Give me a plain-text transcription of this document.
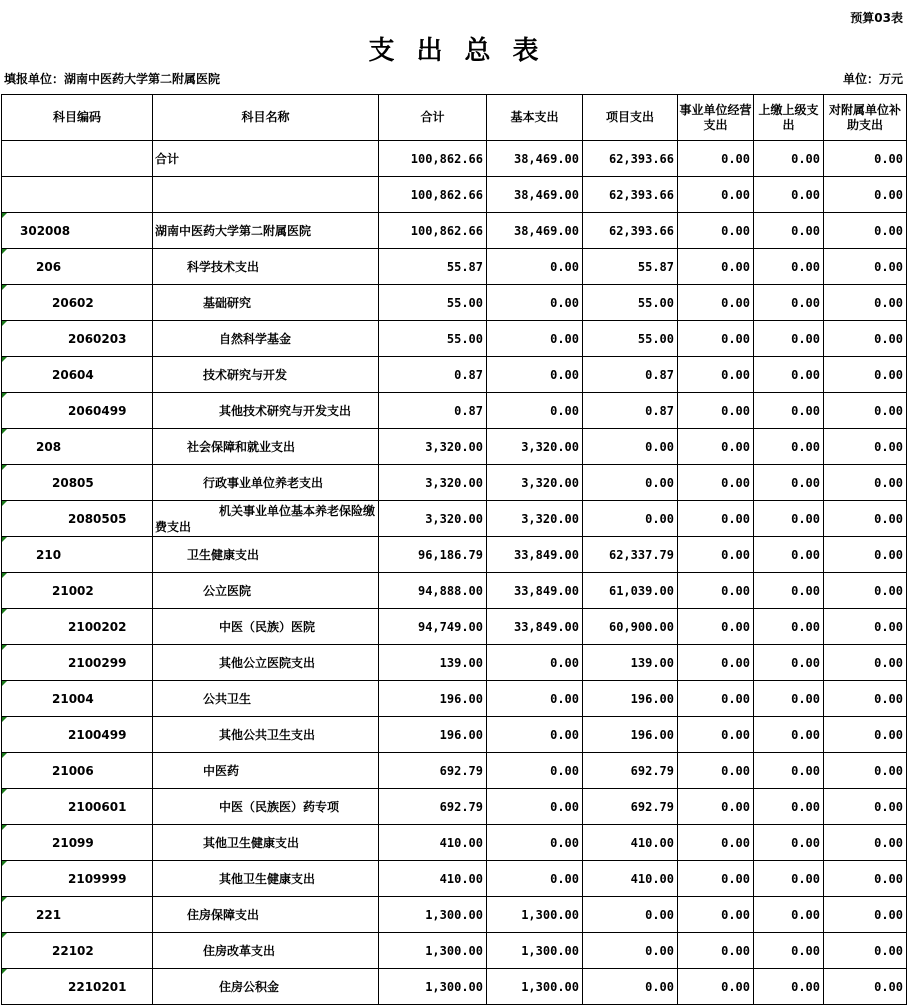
预算03表
支出总表
填报单位：湖南中医药大学第二附属医院	单位：万元
科目编码	科目名称	合计	基本支出	项目支出	事业单位经营支出	上缴上级支出	对附属单位补助支出
	合计	100,862.66	38,469.00	62,393.66	0.00	0.00	0.00
		100,862.66	38,469.00	62,393.66	0.00	0.00	0.00
302008	湖南中医药大学第二附属医院	100,862.66	38,469.00	62,393.66	0.00	0.00	0.00
206	科学技术支出	55.87	0.00	55.87	0.00	0.00	0.00
20602	基础研究	55.00	0.00	55.00	0.00	0.00	0.00
2060203	自然科学基金	55.00	0.00	55.00	0.00	0.00	0.00
20604	技术研究与开发	0.87	0.00	0.87	0.00	0.00	0.00
2060499	其他技术研究与开发支出	0.87	0.00	0.87	0.00	0.00	0.00
208	社会保障和就业支出	3,320.00	3,320.00	0.00	0.00	0.00	0.00
20805	行政事业单位养老支出	3,320.00	3,320.00	0.00	0.00	0.00	0.00
2080505	机关事业单位基本养老保险缴费支出	3,320.00	3,320.00	0.00	0.00	0.00	0.00
210	卫生健康支出	96,186.79	33,849.00	62,337.79	0.00	0.00	0.00
21002	公立医院	94,888.00	33,849.00	61,039.00	0.00	0.00	0.00
2100202	中医（民族）医院	94,749.00	33,849.00	60,900.00	0.00	0.00	0.00
2100299	其他公立医院支出	139.00	0.00	139.00	0.00	0.00	0.00
21004	公共卫生	196.00	0.00	196.00	0.00	0.00	0.00
2100499	其他公共卫生支出	196.00	0.00	196.00	0.00	0.00	0.00
21006	中医药	692.79	0.00	692.79	0.00	0.00	0.00
2100601	中医（民族医）药专项	692.79	0.00	692.79	0.00	0.00	0.00
21099	其他卫生健康支出	410.00	0.00	410.00	0.00	0.00	0.00
2109999	其他卫生健康支出	410.00	0.00	410.00	0.00	0.00	0.00
221	住房保障支出	1,300.00	1,300.00	0.00	0.00	0.00	0.00
22102	住房改革支出	1,300.00	1,300.00	0.00	0.00	0.00	0.00
2210201	住房公积金	1,300.00	1,300.00	0.00	0.00	0.00	0.00
